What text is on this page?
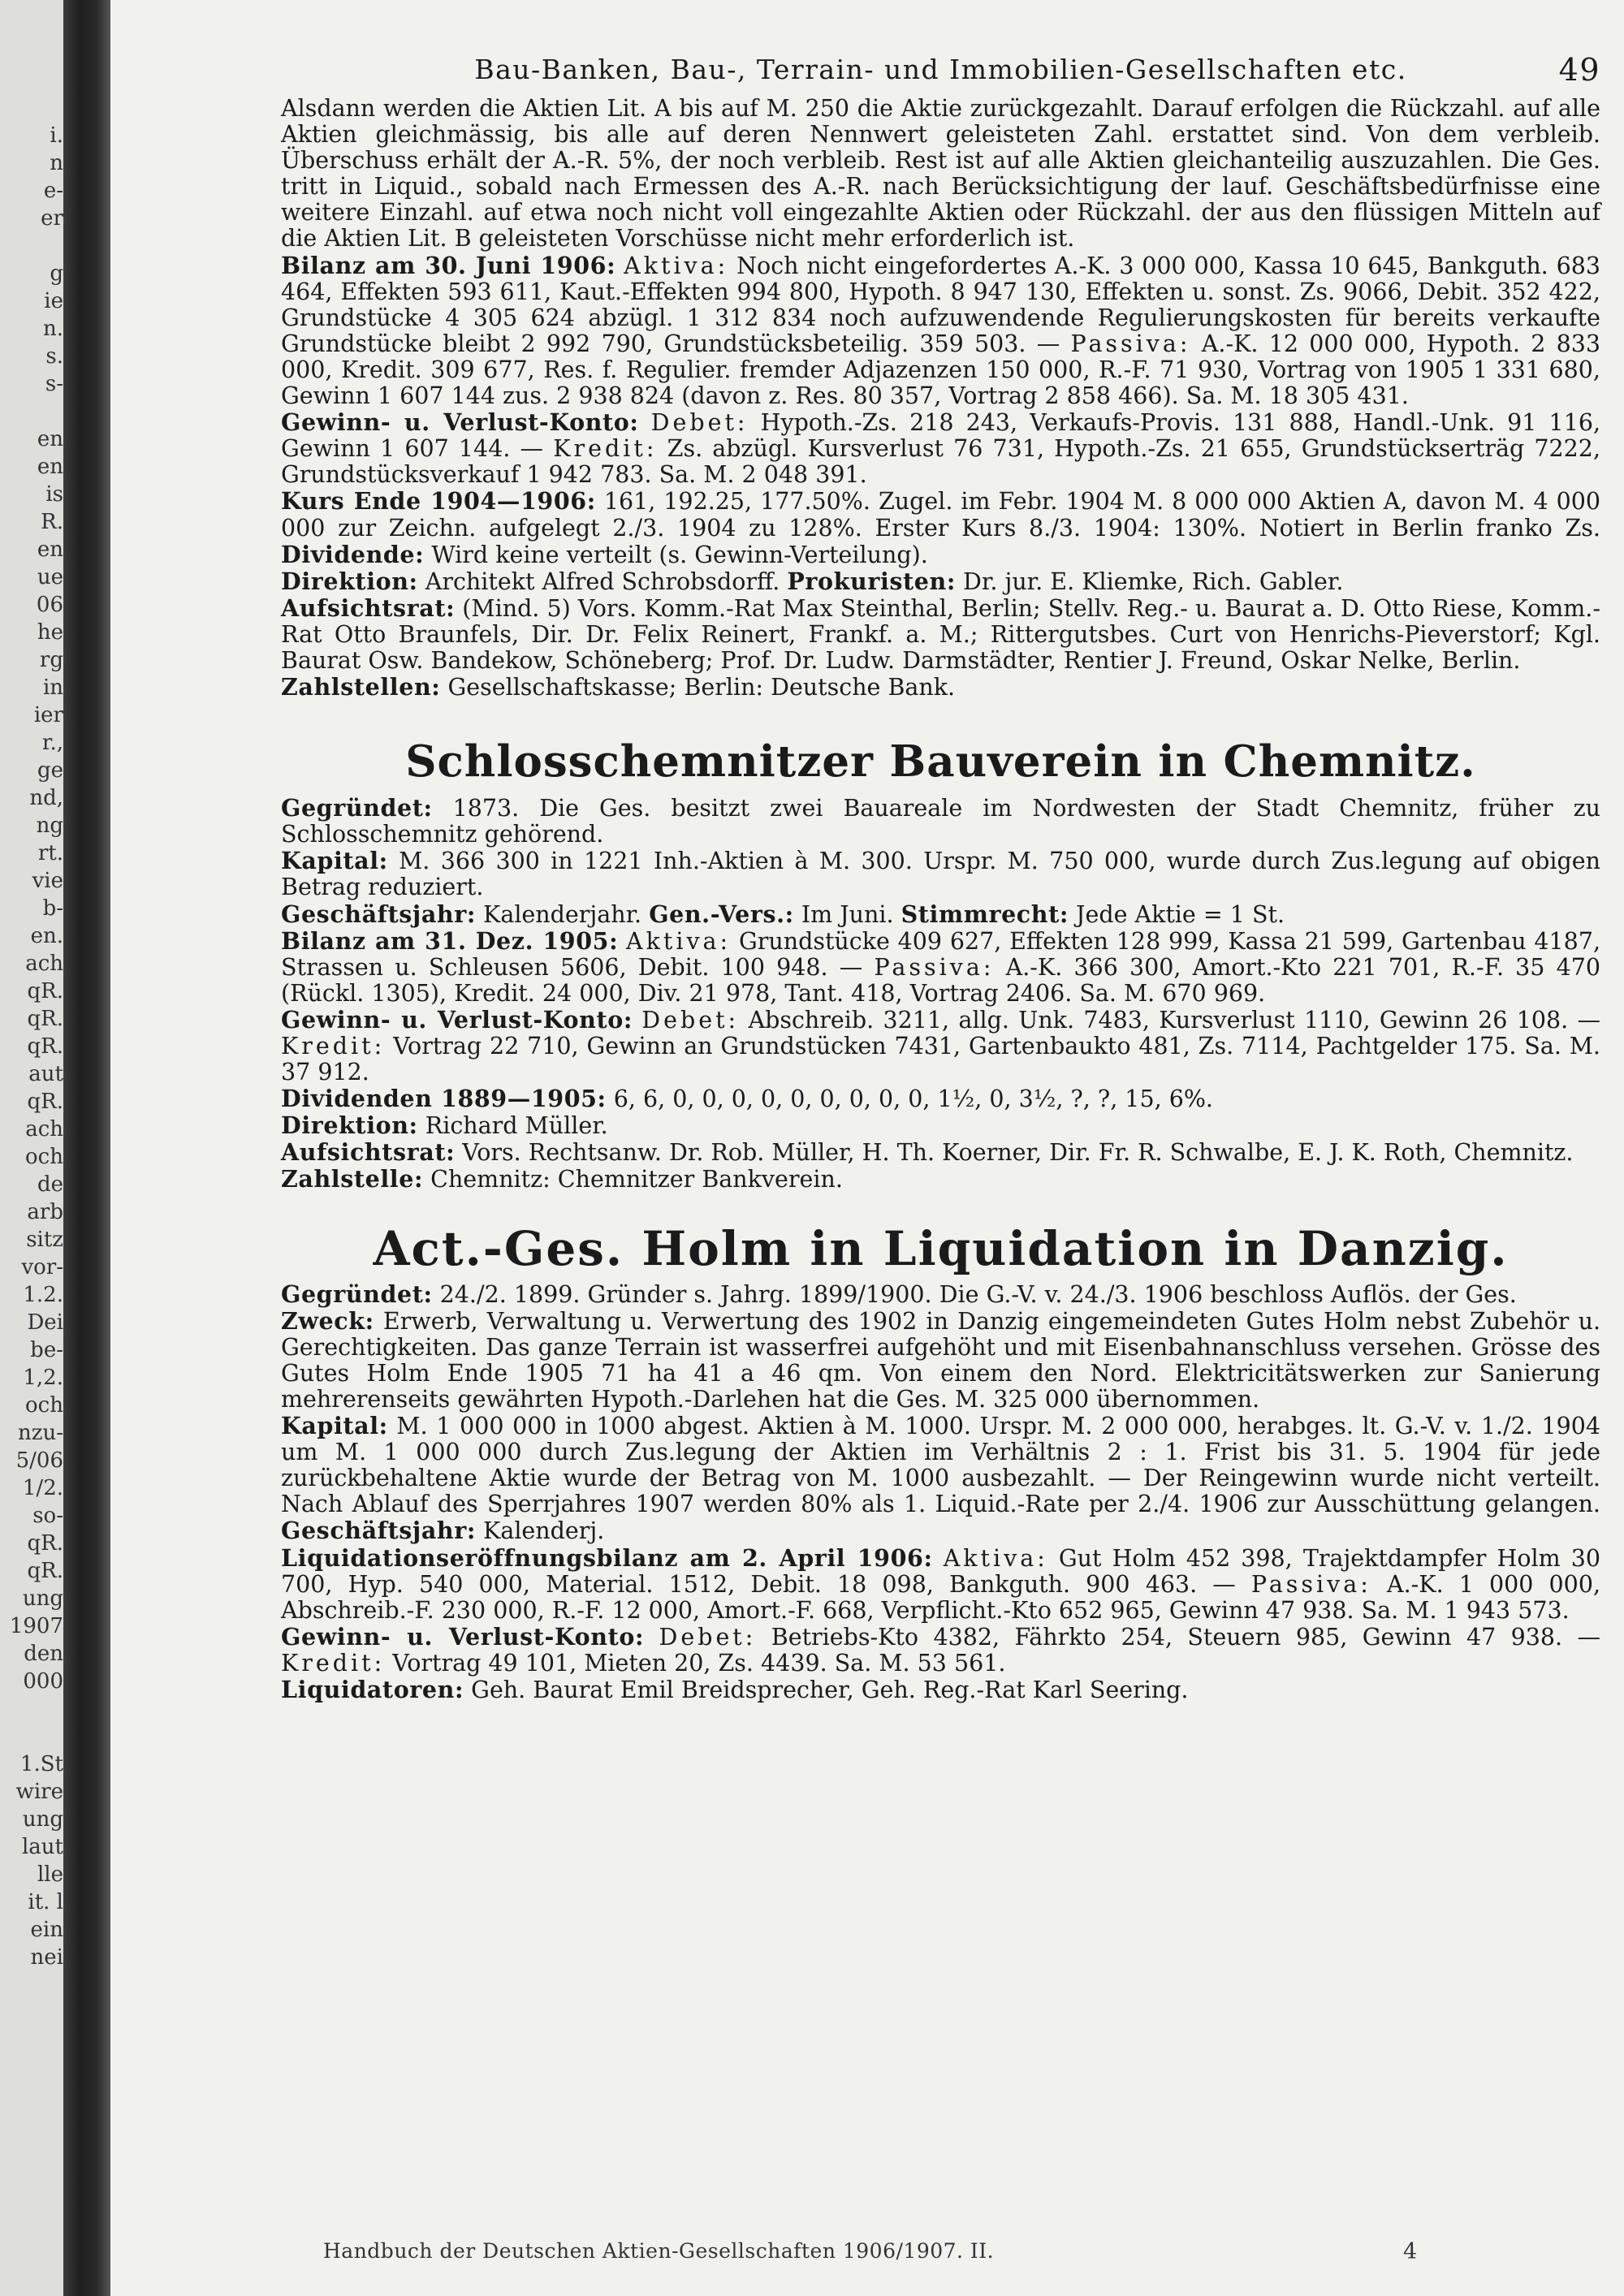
i.
n
e-
er

g
ie
n.
s.
s-

en
en
is
R.
en
ue
06
he
rg
in
ier
r.,
ge
nd,
ng
rt.
vie
b-
en.
ach
qR.
qR.
qR.
aut
qR.
ach
och
de
arb
sitz
vor-
1.2.
Dei
be-
1,2.
och
nzu-
5/06
1/2.
so-
qR.
qR.
ung
1907
den
000

1.St
wire
ung
laut
lle
it. l
ein
nei
Bau-Banken, Bau-, Terrain- und Immobilien-Gesellschaften etc.	49

Alsdann werden die Aktien Lit. A bis auf M. 250 die Aktie zurückgezahlt. Darauf erfolgen die Rückzahl. auf alle Aktien gleichmässig, bis alle auf deren Nennwert geleisteten Zahl. erstattet sind. Von dem verbleib. Überschuss erhält der A.-R. 5%, der noch verbleib. Rest ist auf alle Aktien gleichanteilig auszuzahlen. Die Ges. tritt in Liquid., sobald nach Ermessen des A.-R. nach Berücksichtigung der lauf. Geschäftsbedürfnisse eine weitere Einzahl. auf etwa noch nicht voll eingezahlte Aktien oder Rückzahl. der aus den flüssigen Mitteln auf die Aktien Lit. B geleisteten Vorschüsse nicht mehr erforderlich ist.

Bilanz am 30. Juni 1906: Aktiva: Noch nicht eingefordertes A.-K. 3 000 000, Kassa 10 645, Bankguth. 683 464, Effekten 593 611, Kaut.-Effekten 994 800, Hypoth. 8 947 130, Effekten u. sonst. Zs. 9066, Debit. 352 422, Grundstücke 4 305 624 abzügl. 1 312 834 noch aufzuwendende Regulierungskosten für bereits verkaufte Grundstücke bleibt 2 992 790, Grundstücksbeteilig. 359 503. — Passiva: A.-K. 12 000 000, Hypoth. 2 833 000, Kredit. 309 677, Res. f. Regulier. fremder Adjazenzen 150 000, R.-F. 71 930, Vortrag von 1905 1 331 680, Gewinn 1 607 144 zus. 2 938 824 (davon z. Res. 80 357, Vortrag 2 858 466). Sa. M. 18 305 431.

Gewinn- u. Verlust-Konto: Debet: Hypoth.-Zs. 218 243, Verkaufs-Provis. 131 888, Handl.-Unk. 91 116, Gewinn 1 607 144. — Kredit: Zs. abzügl. Kursverlust 76 731, Hypoth.-Zs. 21 655, Grundstückserträg 7222, Grundstücksverkauf 1 942 783. Sa. M. 2 048 391.

Kurs Ende 1904—1906: 161, 192.25, 177.50%. Zugel. im Febr. 1904 M. 8 000 000 Aktien A, davon M. 4 000 000 zur Zeichn. aufgelegt 2./3. 1904 zu 128%. Erster Kurs 8./3. 1904: 130%. Notiert in Berlin franko Zs. Dividende: Wird keine verteilt (s. Gewinn-Verteilung).

Direktion: Architekt Alfred Schrobsdorff. Prokuristen: Dr. jur. E. Kliemke, Rich. Gabler.

Aufsichtsrat: (Mind. 5) Vors. Komm.-Rat Max Steinthal, Berlin; Stellv. Reg.- u. Baurat a. D. Otto Riese, Komm.-Rat Otto Braunfels, Dir. Dr. Felix Reinert, Frankf. a. M.; Rittergutsbes. Curt von Henrichs-Pieverstorf; Kgl. Baurat Osw. Bandekow, Schöneberg; Prof. Dr. Ludw. Darmstädter, Rentier J. Freund, Oskar Nelke, Berlin.

Zahlstellen: Gesellschaftskasse; Berlin: Deutsche Bank.

Schlosschemnitzer Bauverein in Chemnitz.

Gegründet: 1873. Die Ges. besitzt zwei Bauareale im Nordwesten der Stadt Chemnitz, früher zu Schlosschemnitz gehörend.

Kapital: M. 366 300 in 1221 Inh.-Aktien à M. 300. Urspr. M. 750 000, wurde durch Zus.legung auf obigen Betrag reduziert.

Geschäftsjahr: Kalenderjahr. Gen.-Vers.: Im Juni. Stimmrecht: Jede Aktie = 1 St.

Bilanz am 31. Dez. 1905: Aktiva: Grundstücke 409 627, Effekten 128 999, Kassa 21 599, Gartenbau 4187, Strassen u. Schleusen 5606, Debit. 100 948. — Passiva: A.-K. 366 300, Amort.-Kto 221 701, R.-F. 35 470 (Rückl. 1305), Kredit. 24 000, Div. 21 978, Tant. 418, Vortrag 2406. Sa. M. 670 969.

Gewinn- u. Verlust-Konto: Debet: Abschreib. 3211, allg. Unk. 7483, Kursverlust 1110, Gewinn 26 108. — Kredit: Vortrag 22 710, Gewinn an Grundstücken 7431, Gartenbaukto 481, Zs. 7114, Pachtgelder 175. Sa. M. 37 912.

Dividenden 1889—1905: 6, 6, 0, 0, 0, 0, 0, 0, 0, 0, 0, 1½, 0, 3½, ?, ?, 15, 6%.

Direktion: Richard Müller.

Aufsichtsrat: Vors. Rechtsanw. Dr. Rob. Müller, H. Th. Koerner, Dir. Fr. R. Schwalbe, E. J. K. Roth, Chemnitz.

Zahlstelle: Chemnitz: Chemnitzer Bankverein.

Act.-Ges. Holm in Liquidation in Danzig.

Gegründet: 24./2. 1899. Gründer s. Jahrg. 1899/1900. Die G.-V. v. 24./3. 1906 beschloss Auflös. der Ges.

Zweck: Erwerb, Verwaltung u. Verwertung des 1902 in Danzig eingemeindeten Gutes Holm nebst Zubehör u. Gerechtigkeiten. Das ganze Terrain ist wasserfrei aufgehöht und mit Eisenbahnanschluss versehen. Grösse des Gutes Holm Ende 1905 71 ha 41 a 46 qm. Von einem den Nord. Elektricitätswerken zur Sanierung mehrerenseits gewährten Hypoth.-Darlehen hat die Ges. M. 325 000 übernommen.

Kapital: M. 1 000 000 in 1000 abgest. Aktien à M. 1000. Urspr. M. 2 000 000, herabges. lt. G.-V. v. 1./2. 1904 um M. 1 000 000 durch Zus.legung der Aktien im Verhältnis 2 : 1. Frist bis 31. 5. 1904 für jede zurückbehaltene Aktie wurde der Betrag von M. 1000 ausbezahlt. — Der Reingewinn wurde nicht verteilt. Nach Ablauf des Sperrjahres 1907 werden 80% als 1. Liquid.-Rate per 2./4. 1906 zur Ausschüttung gelangen. Geschäftsjahr: Kalenderj.

Liquidationseröffnungsbilanz am 2. April 1906: Aktiva: Gut Holm 452 398, Trajektdampfer Holm 30 700, Hyp. 540 000, Material. 1512, Debit. 18 098, Bankguth. 900 463. — Passiva: A.-K. 1 000 000, Abschreib.-F. 230 000, R.-F. 12 000, Amort.-F. 668, Verpflicht.-Kto 652 965, Gewinn 47 938. Sa. M. 1 943 573.

Gewinn- u. Verlust-Konto: Debet: Betriebs-Kto 4382, Fährkto 254, Steuern 985, Gewinn 47 938. — Kredit: Vortrag 49 101, Mieten 20, Zs. 4439. Sa. M. 53 561.

Liquidatoren: Geh. Baurat Emil Breidsprecher, Geh. Reg.-Rat Karl Seering.

Handbuch der Deutschen Aktien-Gesellschaften 1906/1907. II.	4
